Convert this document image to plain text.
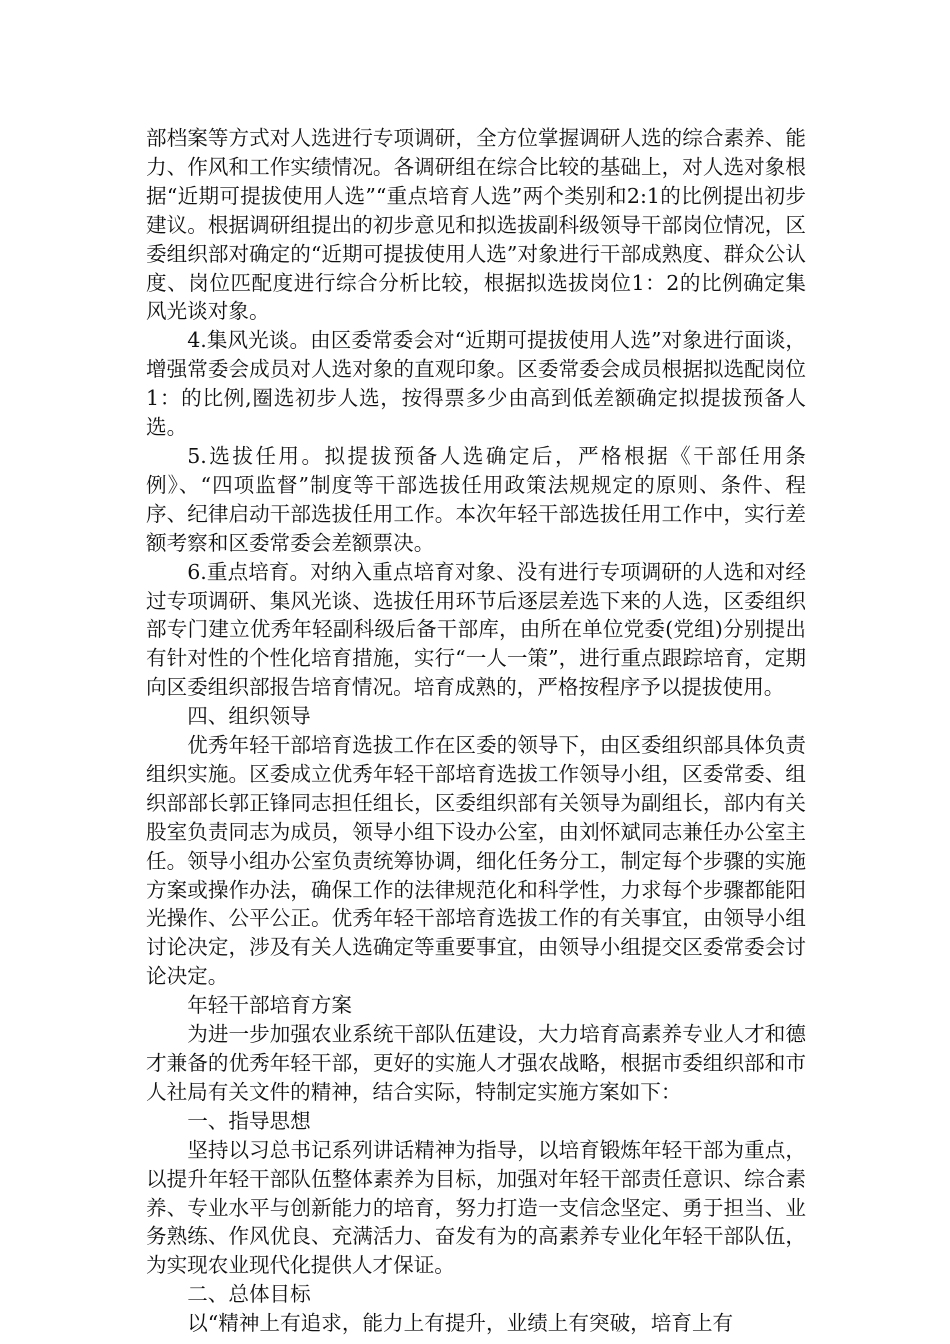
部档案等方式对人选进行专项调研，全方位掌握调研人选的综合素养、能力、作风和工作实绩情况。各调研组在综合比较的基础上，对人选对象根据“近期可提拔使用人选”“重点培育人选”两个类别和2:1的比例提出初步建议。根据调研组提出的初步意见和拟选拔副科级领导干部岗位情况，区委组织部对确定的“近期可提拔使用人选”对象进行干部成熟度、群众公认度、岗位匹配度进行综合分析比较，根据拟选拔岗位1：2的比例确定集风光谈对象。

4.集风光谈。由区委常委会对“近期可提拔使用人选”对象进行面谈，增强常委会成员对人选对象的直观印象。区委常委会成员根据拟选配岗位1：的比例,圈选初步人选，按得票多少由高到低差额确定拟提拔预备人选。

5.选拔任用。拟提拔预备人选确定后，严格根据《干部任用条例》、“四项监督”制度等干部选拔任用政策法规规定的原则、条件、程序、纪律启动干部选拔任用工作。本次年轻干部选拔任用工作中，实行差额考察和区委常委会差额票决。

6.重点培育。对纳入重点培育对象、没有进行专项调研的人选和对经过专项调研、集风光谈、选拔任用环节后逐层差选下来的人选，区委组织部专门建立优秀年轻副科级后备干部库，由所在单位党委(党组)分别提出有针对性的个性化培育措施，实行“一人一策”，进行重点跟踪培育，定期向区委组织部报告培育情况。培育成熟的，严格按程序予以提拔使用。

四、组织领导

优秀年轻干部培育选拔工作在区委的领导下，由区委组织部具体负责组织实施。区委成立优秀年轻干部培育选拔工作领导小组，区委常委、组织部部长郭正锋同志担任组长，区委组织部有关领导为副组长，部内有关股室负责同志为成员，领导小组下设办公室，由刘怀斌同志兼任办公室主任。领导小组办公室负责统筹协调，细化任务分工，制定每个步骤的实施方案或操作办法，确保工作的法律规范化和科学性，力求每个步骤都能阳光操作、公平公正。优秀年轻干部培育选拔工作的有关事宜，由领导小组讨论决定，涉及有关人选确定等重要事宜，由领导小组提交区委常委会讨论决定。

年轻干部培育方案

为进一步加强农业系统干部队伍建设，大力培育高素养专业人才和德才兼备的优秀年轻干部，更好的实施人才强农战略，根据市委组织部和市人社局有关文件的精神，结合实际，特制定实施方案如下：

一、指导思想

坚持以习总书记系列讲话精神为指导，以培育锻炼年轻干部为重点，以提升年轻干部队伍整体素养为目标，加强对年轻干部责任意识、综合素养、专业水平与创新能力的培育，努力打造一支信念坚定、勇于担当、业务熟练、作风优良、充满活力、奋发有为的高素养专业化年轻干部队伍，为实现农业现代化提供人才保证。

二、总体目标

以“精神上有追求，能力上有提升，业绩上有突破，培育上有
